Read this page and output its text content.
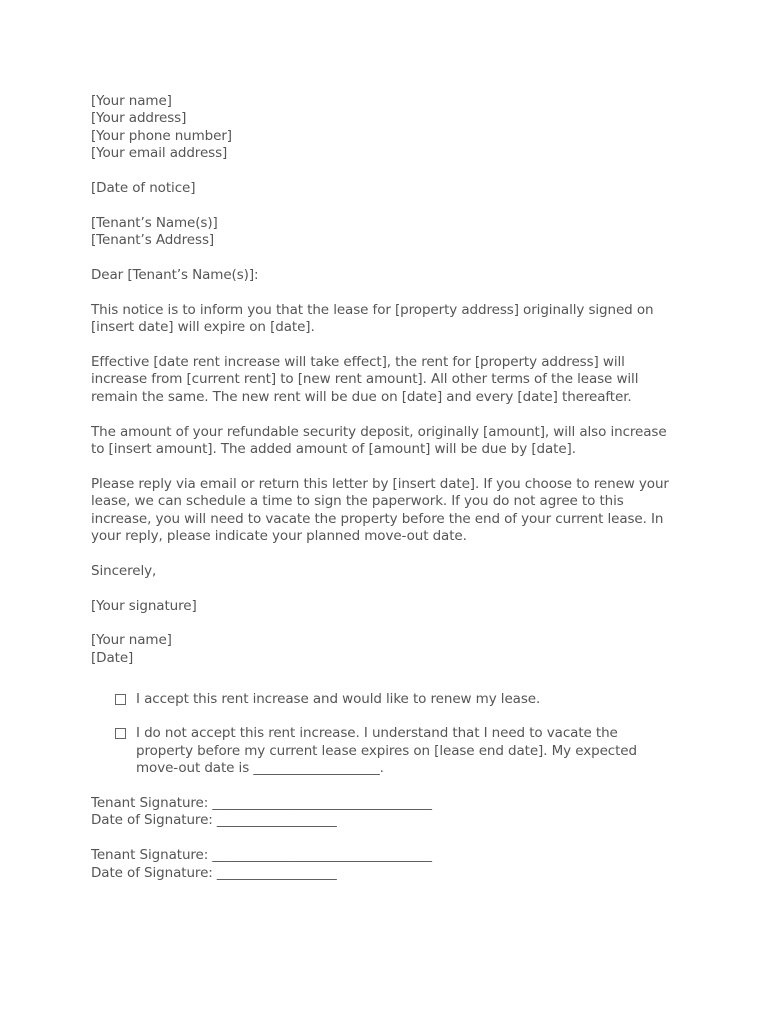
[Your name]
[Your address]
[Your phone number]
[Your email address]
[Date of notice]
[Tenant’s Name(s)]
[Tenant’s Address]
Dear [Tenant’s Name(s)]:
This notice is to inform you that the lease for [property address] originally signed on [insert date] will expire on [date].
Effective [date rent increase will take effect], the rent for [property address] will increase from [current rent] to [new rent amount]. All other terms of the lease will remain the same. The new rent will be due on [date] and every [date] thereafter.
The amount of your refundable security deposit, originally [amount], will also increase to [insert amount]. The added amount of [amount] will be due by [date].
Please reply via email or return this letter by [insert date]. If you choose to renew your lease, we can schedule a time to sign the paperwork. If you do not agree to this increase, you will need to vacate the property before the end of your current lease. In your reply, please indicate your planned move-out date.
Sincerely,
[Your signature]
[Your name]
[Date]
I accept this rent increase and would like to renew my lease.
I do not accept this rent increase. I understand that I need to vacate the property before my current lease expires on [lease end date]. My expected move-out date is ___________________.
Tenant Signature: _________________________________
Date of Signature: __________________
Tenant Signature: _________________________________
Date of Signature: __________________
